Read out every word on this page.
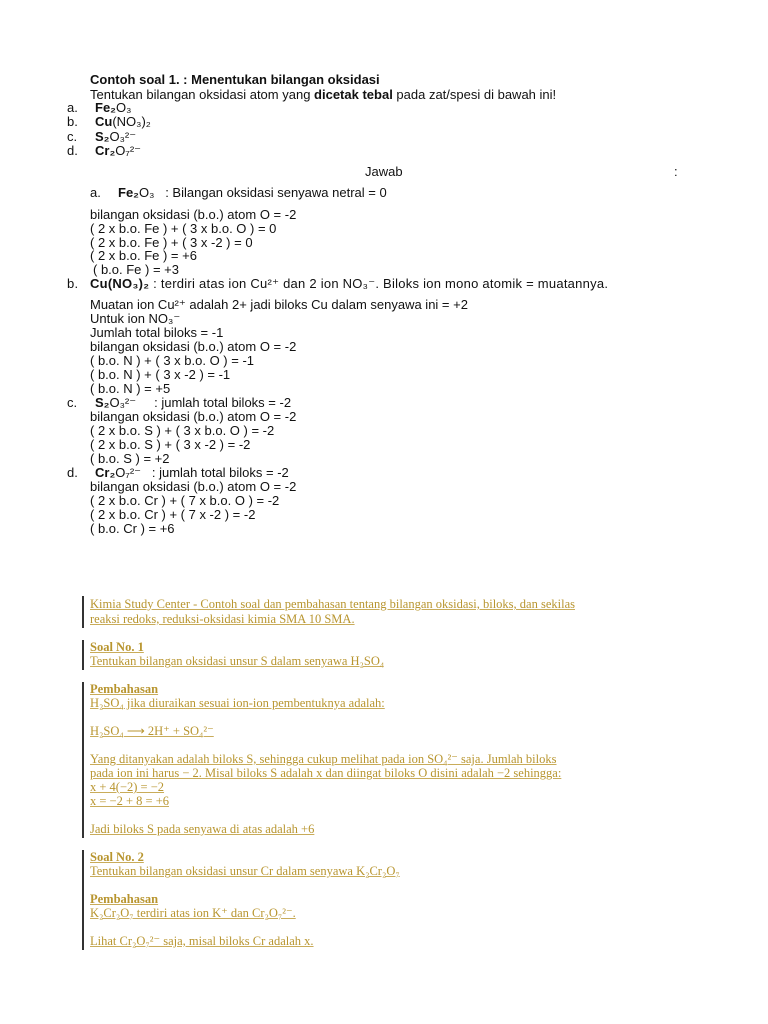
Contoh soal 1. : Menentukan bilangan oksidasi
Tentukan bilangan oksidasi atom yang dicetak tebal pada zat/spesi di bawah ini!
a. Fe₂O₃
b. Cu(NO₃)₂
c. S₂O₃²⁻
d. Cr₂O₇²⁻
Jawab	:
a. Fe₂O₃ : Bilangan oksidasi senyawa netral = 0
bilangan oksidasi (b.o.) atom O = -2
( 2 x b.o. Fe ) + ( 3 x b.o. O ) = 0
( 2 x b.o. Fe ) + ( 3 x -2 ) = 0
( 2 x b.o. Fe ) = +6
( b.o. Fe ) = +3
b. Cu(NO₃)₂ : terdiri atas ion Cu²⁺ dan 2 ion NO₃⁻. Biloks ion mono atomik = muatannya.
Muatan ion Cu²⁺ adalah 2+ jadi biloks Cu dalam senyawa ini = +2
Untuk ion NO₃⁻
Jumlah total biloks = -1
bilangan oksidasi (b.o.) atom O = -2
( b.o. N ) + ( 3 x b.o. O ) = -1
( b.o. N ) + ( 3 x -2 ) = -1
( b.o. N ) = +5
c. S₂O₃²⁻ : jumlah total biloks = -2
bilangan oksidasi (b.o.) atom O = -2
( 2 x b.o. S ) + ( 3 x b.o. O ) = -2
( 2 x b.o. S ) + ( 3 x -2 ) = -2
( b.o. S ) = +2
d. Cr₂O₇²⁻ : jumlah total biloks = -2
bilangan oksidasi (b.o.) atom O = -2
( 2 x b.o. Cr ) + ( 7 x b.o. O ) = -2
( 2 x b.o. Cr ) + ( 7 x -2 ) = -2
( b.o. Cr ) = +6
Kimia Study Center - Contoh soal dan pembahasan tentang bilangan oksidasi, biloks, dan sekilas
reaksi redoks, reduksi-oksidasi kimia SMA 10 SMA.
Soal No. 1
Tentukan bilangan oksidasi unsur S dalam senyawa H₂SO₄
Pembahasan
H₂SO₄ jika diuraikan sesuai ion-ion pembentuknya adalah:
H₂SO₄ ⟶ 2H⁺ + SO₄²⁻
Yang ditanyakan adalah biloks S, sehingga cukup melihat pada ion SO₄²⁻ saja. Jumlah biloks
pada ion ini harus − 2. Misal biloks S adalah x dan diingat biloks O disini adalah −2 sehingga:
x + 4(−2) = −2
x = −2 + 8 = +6
Jadi biloks S pada senyawa di atas adalah +6
Soal No. 2
Tentukan bilangan oksidasi unsur Cr dalam senyawa K₂Cr₂O₇
Pembahasan
K₂Cr₂O₇ terdiri atas ion K⁺ dan Cr₂O₇²⁻.
Lihat Cr₂O₇²⁻ saja, misal biloks Cr adalah x.
